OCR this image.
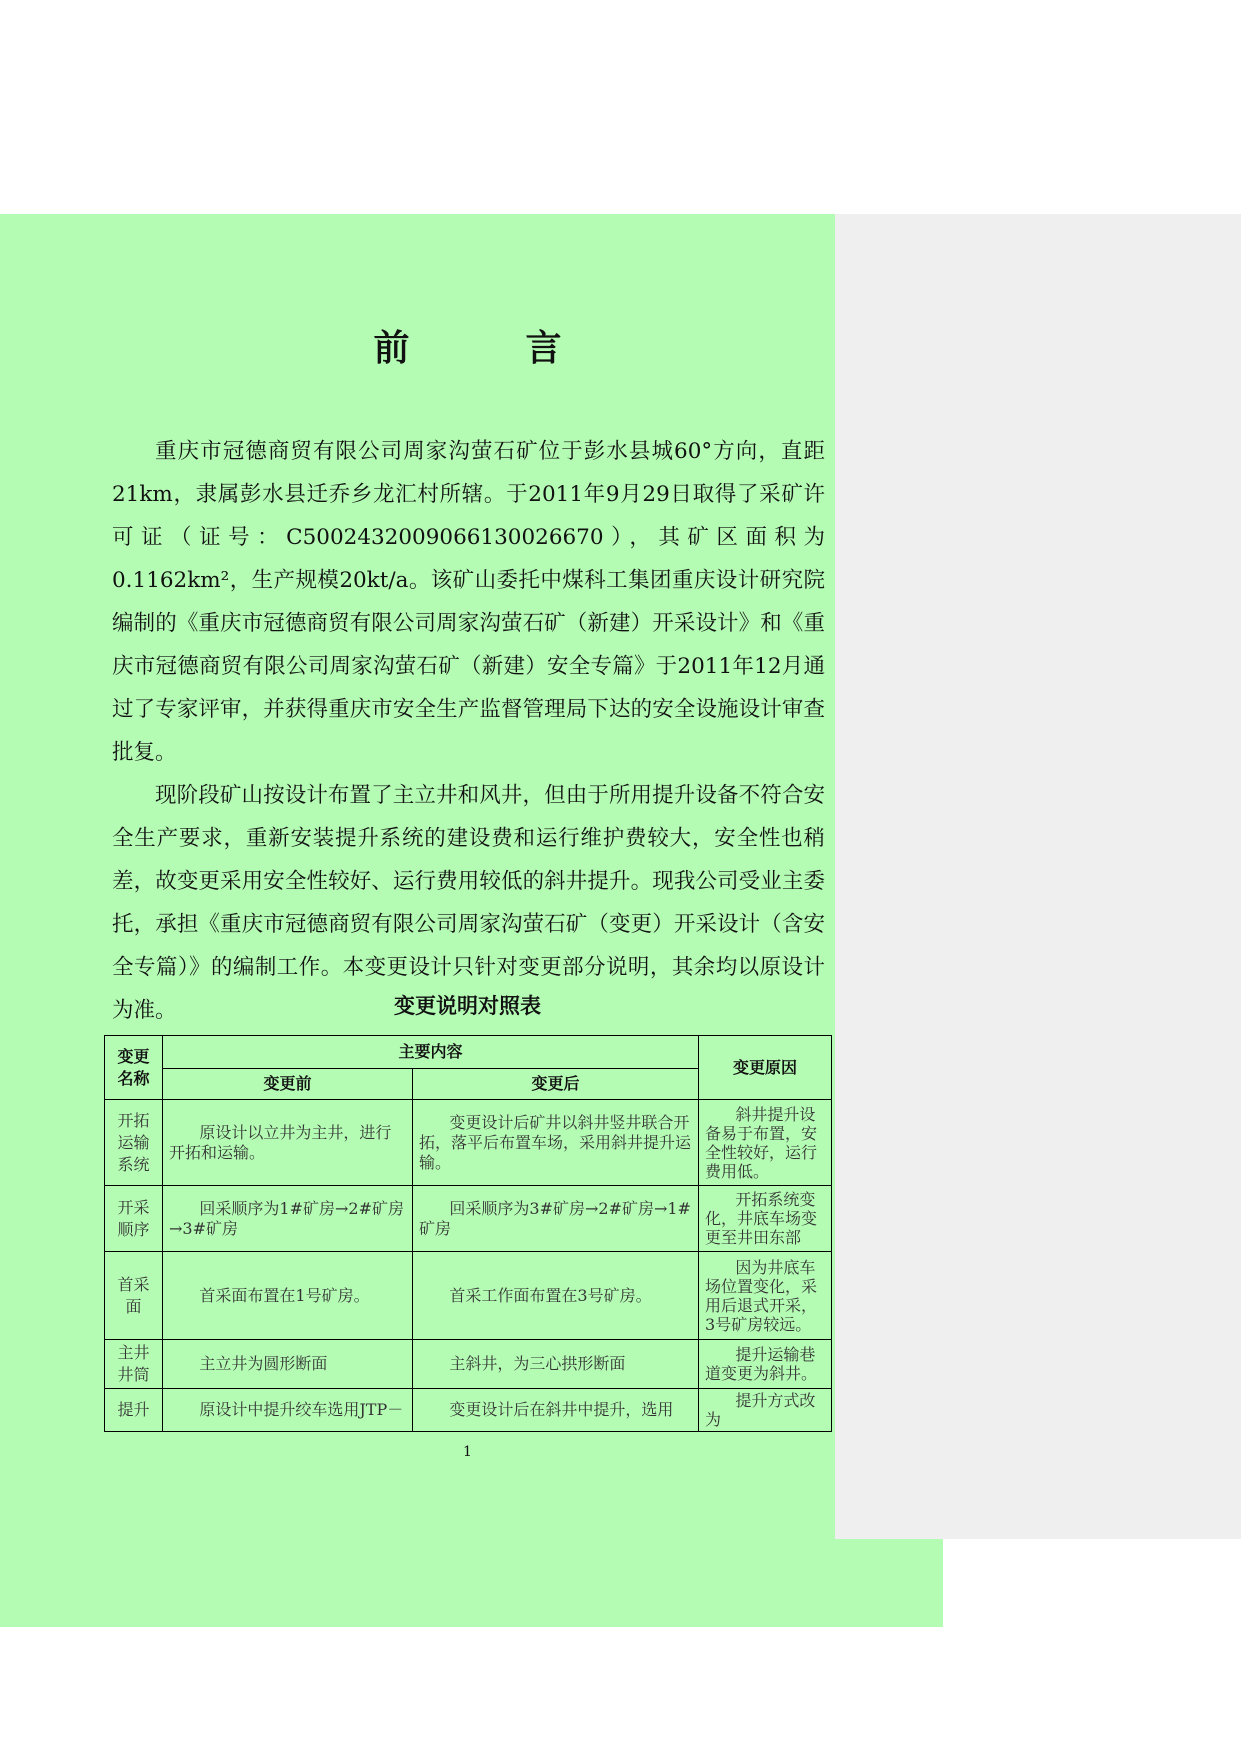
前　言

重庆市冠德商贸有限公司周家沟萤石矿位于彭水县城60°方向，直距21km，隶属彭水县迁乔乡龙汇村所辖。于2011年9月29日取得了采矿许可证（证号：C5002432009066130026670），其矿区面积为0.1162km²，生产规模20kt/a。该矿山委托中煤科工集团重庆设计研究院编制的《重庆市冠德商贸有限公司周家沟萤石矿（新建）开采设计》和《重庆市冠德商贸有限公司周家沟萤石矿（新建）安全专篇》于2011年12月通过了专家评审，并获得重庆市安全生产监督管理局下达的安全设施设计审查批复。

现阶段矿山按设计布置了主立井和风井，但由于所用提升设备不符合安全生产要求，重新安装提升系统的建设费和运行维护费较大，安全性也稍差，故变更采用安全性较好、运行费用较低的斜井提升。现我公司受业主委托，承担《重庆市冠德商贸有限公司周家沟萤石矿（变更）开采设计（含安全专篇）》的编制工作。本变更设计只针对变更部分说明，其余均以原设计为准。	变更说明对照表
变更名称	主要内容		变更原因
	变更前	变更后	
开拓运输系统	原设计以立井为主井，进行开拓和运输。	变更设计后矿井以斜井竖井联合开拓，落平后布置车场，采用斜井提升运输。	斜井提升设备易于布置，安全性较好，运行费用低。

开采顺序	回采顺序为1#矿房→2#矿房→3#矿房	回采顺序为3#矿房→2#矿房→1#矿房	开拓系统变化，井底车场变更至井田东部

首采面	首采面布置在1号矿房。	首采工作面布置在3号矿房。	因为井底车场位置变化，采用后退式开采， 3号矿房较远。

主井井筒	主立井为圆形断面	主斜井，为三心拱形断面	提升运输巷道变更为斜井。

提升	原设计中提升绞车选用JTP－	变更设计后在斜井中提升，选用	提升方式改为
1
